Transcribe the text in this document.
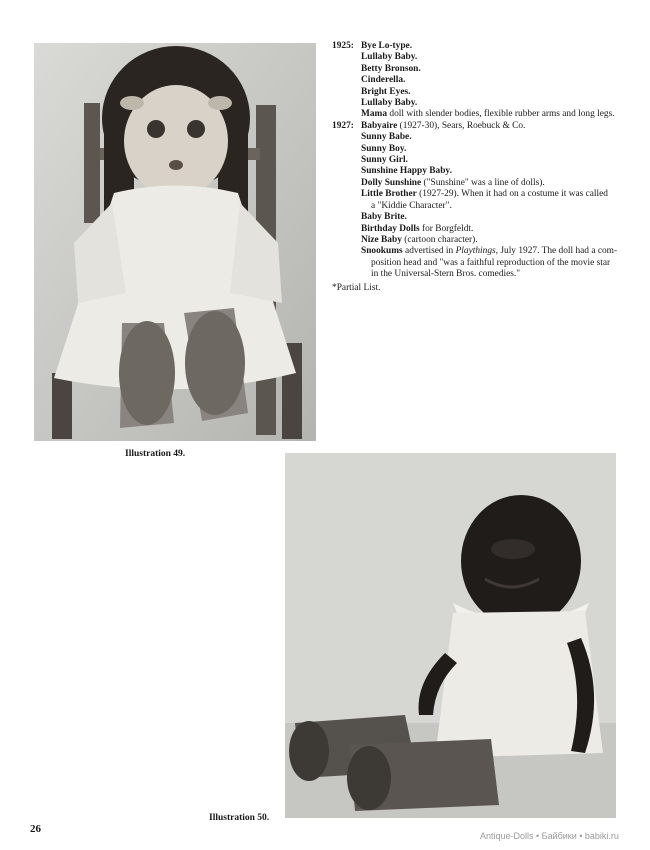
Illustration 49.
1925: Bye Lo-type.
Lullaby Baby.
Betty Bronson.
Cinderella.
Bright Eyes.
Lullaby Baby.
Mama doll with slender bodies, flexible rubber arms and long legs.
1927: Babyaire (1927-30), Sears, Roebuck & Co.
Sunny Babe.
Sunny Boy.
Sunny Girl.
Sunshine Happy Baby.
Dolly Sunshine ("Sunshine" was a line of dolls).
Little Brother (1927-29). When it had on a costume it was called
a "Kiddie Character".
Baby Brite.
Birthday Dolls for Borgfeldt.
Nize Baby (cartoon character).
Snookums advertised in Playthings, July 1927. The doll had a com-
position head and "was a faithful reproduction of the movie star
in the Universal-Stern Bros. comedies."
*Partial List.
Illustration 50.
26
Antique-Dolls • Байбики • babiki.ru
